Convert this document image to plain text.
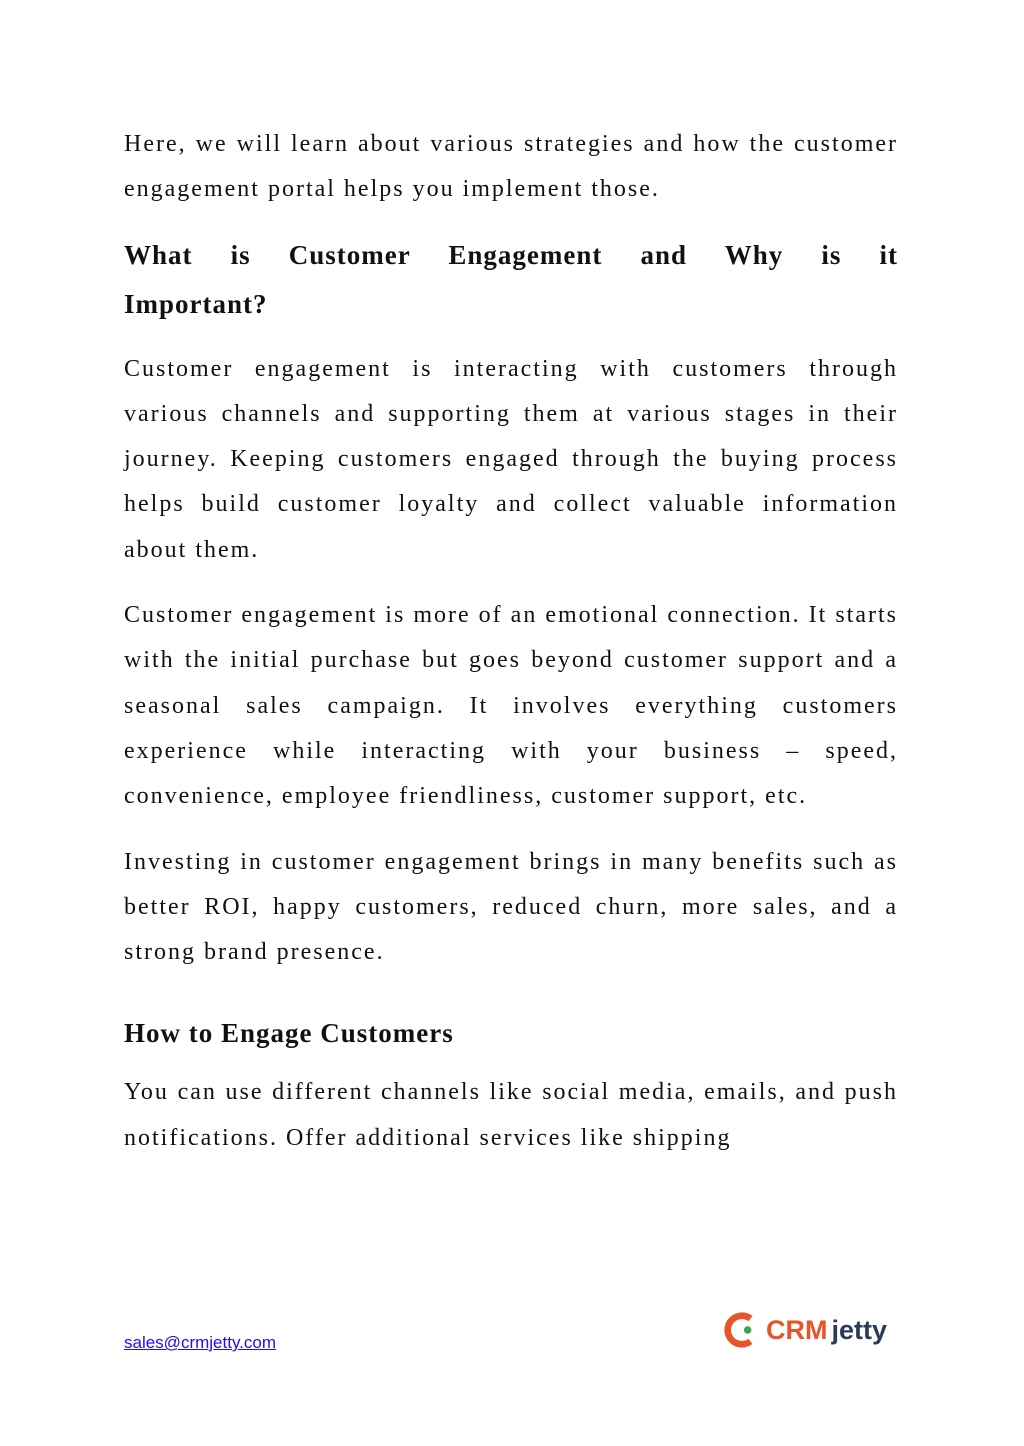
Here, we will learn about various strategies and how the customer engagement portal helps you implement those.

What is Customer Engagement and Why is it Important?

Customer engagement is interacting with customers through various channels and supporting them at various stages in their journey. Keeping customers engaged through the buying process helps build customer loyalty and collect valuable information about them.

Customer engagement is more of an emotional connection. It starts with the initial purchase but goes beyond customer support and a seasonal sales campaign. It involves everything customers experience while interacting with your business – speed, convenience, employee friendliness, customer support, etc.

Investing in customer engagement brings in many benefits such as better ROI, happy customers, reduced churn, more sales, and a strong brand presence.

How to Engage Customers

You can use different channels like social media, emails, and push notifications. Offer additional services like shipping

sales@crmjetty.com	CRM jetty
